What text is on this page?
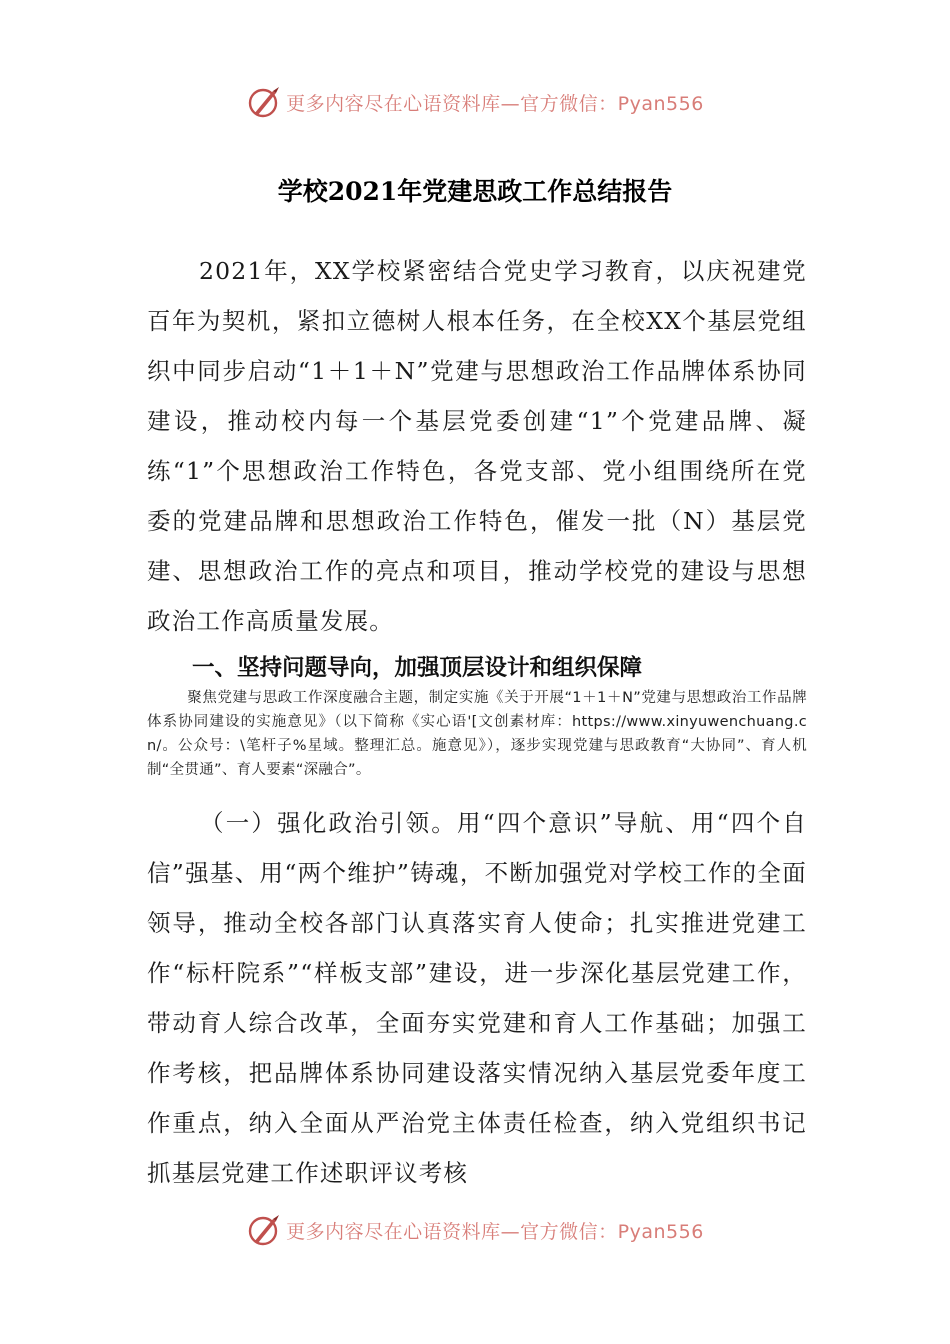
更多内容尽在心语资料库—官方微信：Pyan556
学校2021年党建思政工作总结报告
2021年，XX学校紧密结合党史学习教育，以庆祝建党百年为契机，紧扣立德树人根本任务，在全校XX个基层党组织中同步启动“1＋1＋N”党建与思想政治工作品牌体系协同建设，推动校内每一个基层党委创建“1”个党建品牌、凝练“1”个思想政治工作特色，各党支部、党小组围绕所在党委的党建品牌和思想政治工作特色，催发一批（N）基层党建、思想政治工作的亮点和项目，推动学校党的建设与思想政治工作高质量发展。
一、坚持问题导向，加强顶层设计和组织保障
聚焦党建与思政工作深度融合主题，制定实施《关于开展“1＋1＋N”党建与思想政治工作品牌体系协同建设的实施意见》（以下简称《实心语'[文创素材库：https://www.xinyuwenchuang.cn/。公众号：\笔杆子%星域。整理汇总。施意见》），逐步实现党建与思政教育“大协同”、育人机制“全贯通”、育人要素“深融合”。
（一）强化政治引领。用“四个意识”导航、用“四个自信”强基、用“两个维护”铸魂，不断加强党对学校工作的全面领导，推动全校各部门认真落实育人使命；扎实推进党建工作“标杆院系”“样板支部”建设，进一步深化基层党建工作，带动育人综合改革，全面夯实党建和育人工作基础；加强工作考核，把品牌体系协同建设落实情况纳入基层党委年度工作重点，纳入全面从严治党主体责任检查，纳入党组织书记抓基层党建工作述职评议考核
更多内容尽在心语资料库—官方微信：Pyan556
